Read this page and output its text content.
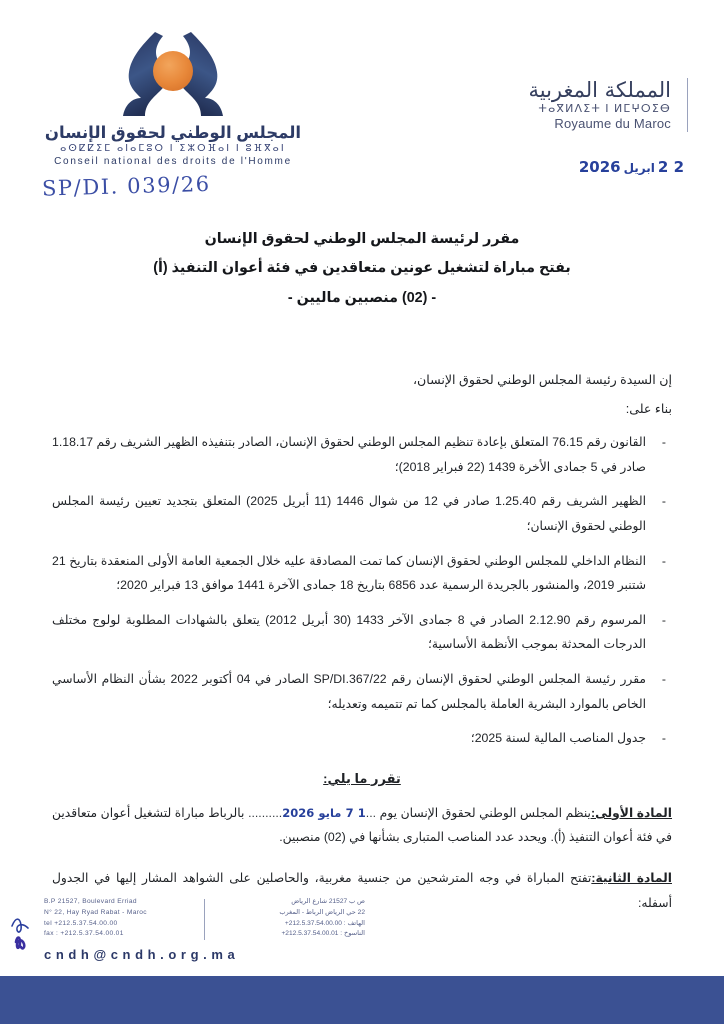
المجلس الوطني لحقوق الإنسان
ⴰⵙⵇⵇⵉⵎ ⴰⵏⴰⵎⵓⵔ ⵏ ⵉⵣⵔⴼⴰⵏ ⵏ ⵓⴼⴳⴰⵏ
Conseil national des droits de l'Homme
SP/DI. 039/26
المملكة المغربية
ⵜⴰⴳⵍⴷⵉⵜ ⵏ ⵍⵎⵖⵔⵉⴱ
Royaume du Maroc
2 2ابريل2026
مقرر لرئيسة المجلس الوطني لحقوق الإنسان
بفتح مباراة لتشغيل عونين متعاقدين في فئة أعوان التنفيذ (أ)
- (02) منصبين ماليين -

إن السيدة رئيسة المجلس الوطني لحقوق الإنسان،

بناء على:

-
القانون رقم 76.15 المتعلق بإعادة تنظيم المجلس الوطني لحقوق الإنسان، الصادر بتنفيذه الظهير الشريف رقم 1.18.17 صادر في 5 جمادى الأخرة 1439 (22 فبراير 2018)؛
-
الظهير الشريف رقم 1.25.40 صادر في 12 من شوال 1446 (11 أبريل 2025) المتعلق بتجديد تعيين رئيسة المجلس الوطني لحقوق الإنسان؛
-
النظام الداخلي للمجلس الوطني لحقوق الإنسان كما تمت المصادقة عليه خلال الجمعية العامة الأولى المنعقدة بتاريخ 21 شتنبر 2019، والمنشور بالجريدة الرسمية عدد 6856 بتاريخ 18 جمادى الآخرة 1441 موافق 13 فبراير 2020؛
-
المرسوم رقم 2.12.90 الصادر في 8 جمادى الآخر 1433 (30 أبريل 2012) يتعلق بالشهادات المطلوبة لولوج مختلف الدرجات المحدثة بموجب الأنظمة الأساسية؛
-
مقرر رئيسة المجلس الوطني لحقوق الإنسان رقم SP/DI.367/22 الصادر في 04 أكتوبر 2022 بشأن النظام الأساسي الخاص بالموارد البشرية العاملة بالمجلس كما تم تتميمه وتعديله؛
-
جدول المناصب المالية لسنة 2025؛
تقرر ما يلي:

المادة الأولى:ينظم المجلس الوطني لحقوق الإنسان يوم ...1 7 مايو 2026.......... بالرباط مباراة لتشغيل أعوان متعاقدين في فئة أعوان التنفيذ (أ). ويحدد عدد المناصب المتبارى بشأنها في (02) منصبين.

المادة الثانية:تفتح المباراة في وجه المترشحين من جنسية مغربية، والحاصلين على الشواهد المشار إليها في الجدول أسفله:

B.P 21527, Boulevard Erriad
N° 22, Hay Ryad Rabat - Maroc
tel +212.5.37.54.00.00
fax : +212.5.37.54.00.01
ص ب 21527 شارع الرياض
22 حي الرياض الرباط - المغرب
الهاتف : 212.5.37.54.00.00+
الناسوخ : 212.5.37.54.00.01+
cndh@cndh.org.ma
